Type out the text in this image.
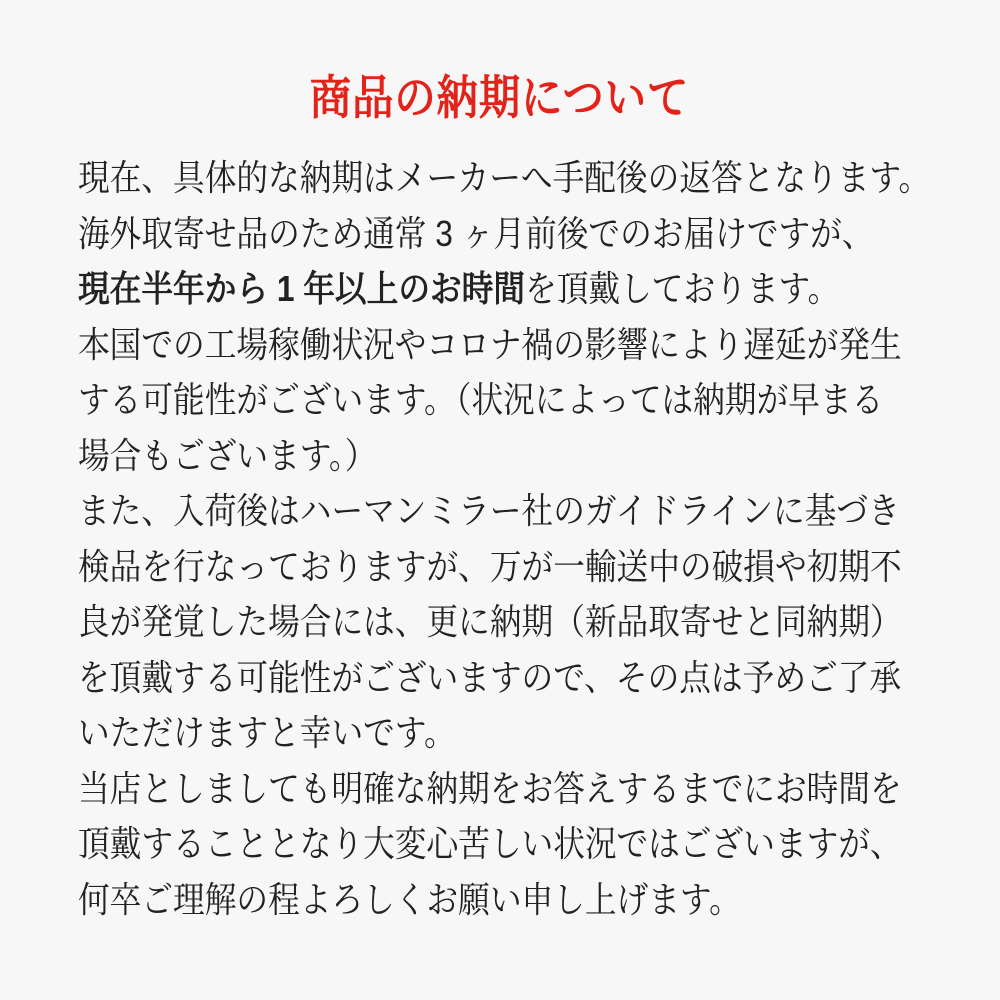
商品の納期について

現在、具体的な納期はメーカーへ手配後の返答となります。

海外取寄せ品のため通常 3 ヶ月前後でのお届けですが、

現在半年から 1 年以上のお時間を頂戴しております。

本国での工場稼働状況やコロナ禍の影響により遅延が発生

する可能性がございます。（状況によっては納期が早まる

場合もございます。）

また、入荷後はハーマンミラー社のガイドラインに基づき

検品を行なっておりますが、万が一輸送中の破損や初期不

良が発覚した場合には、更に納期（新品取寄せと同納期）

を頂戴する可能性がございますので、その点は予めご了承

いただけますと幸いです。

当店としましても明確な納期をお答えするまでにお時間を

頂戴することとなり大変心苦しい状況ではございますが、

何卒ご理解の程よろしくお願い申し上げます。
